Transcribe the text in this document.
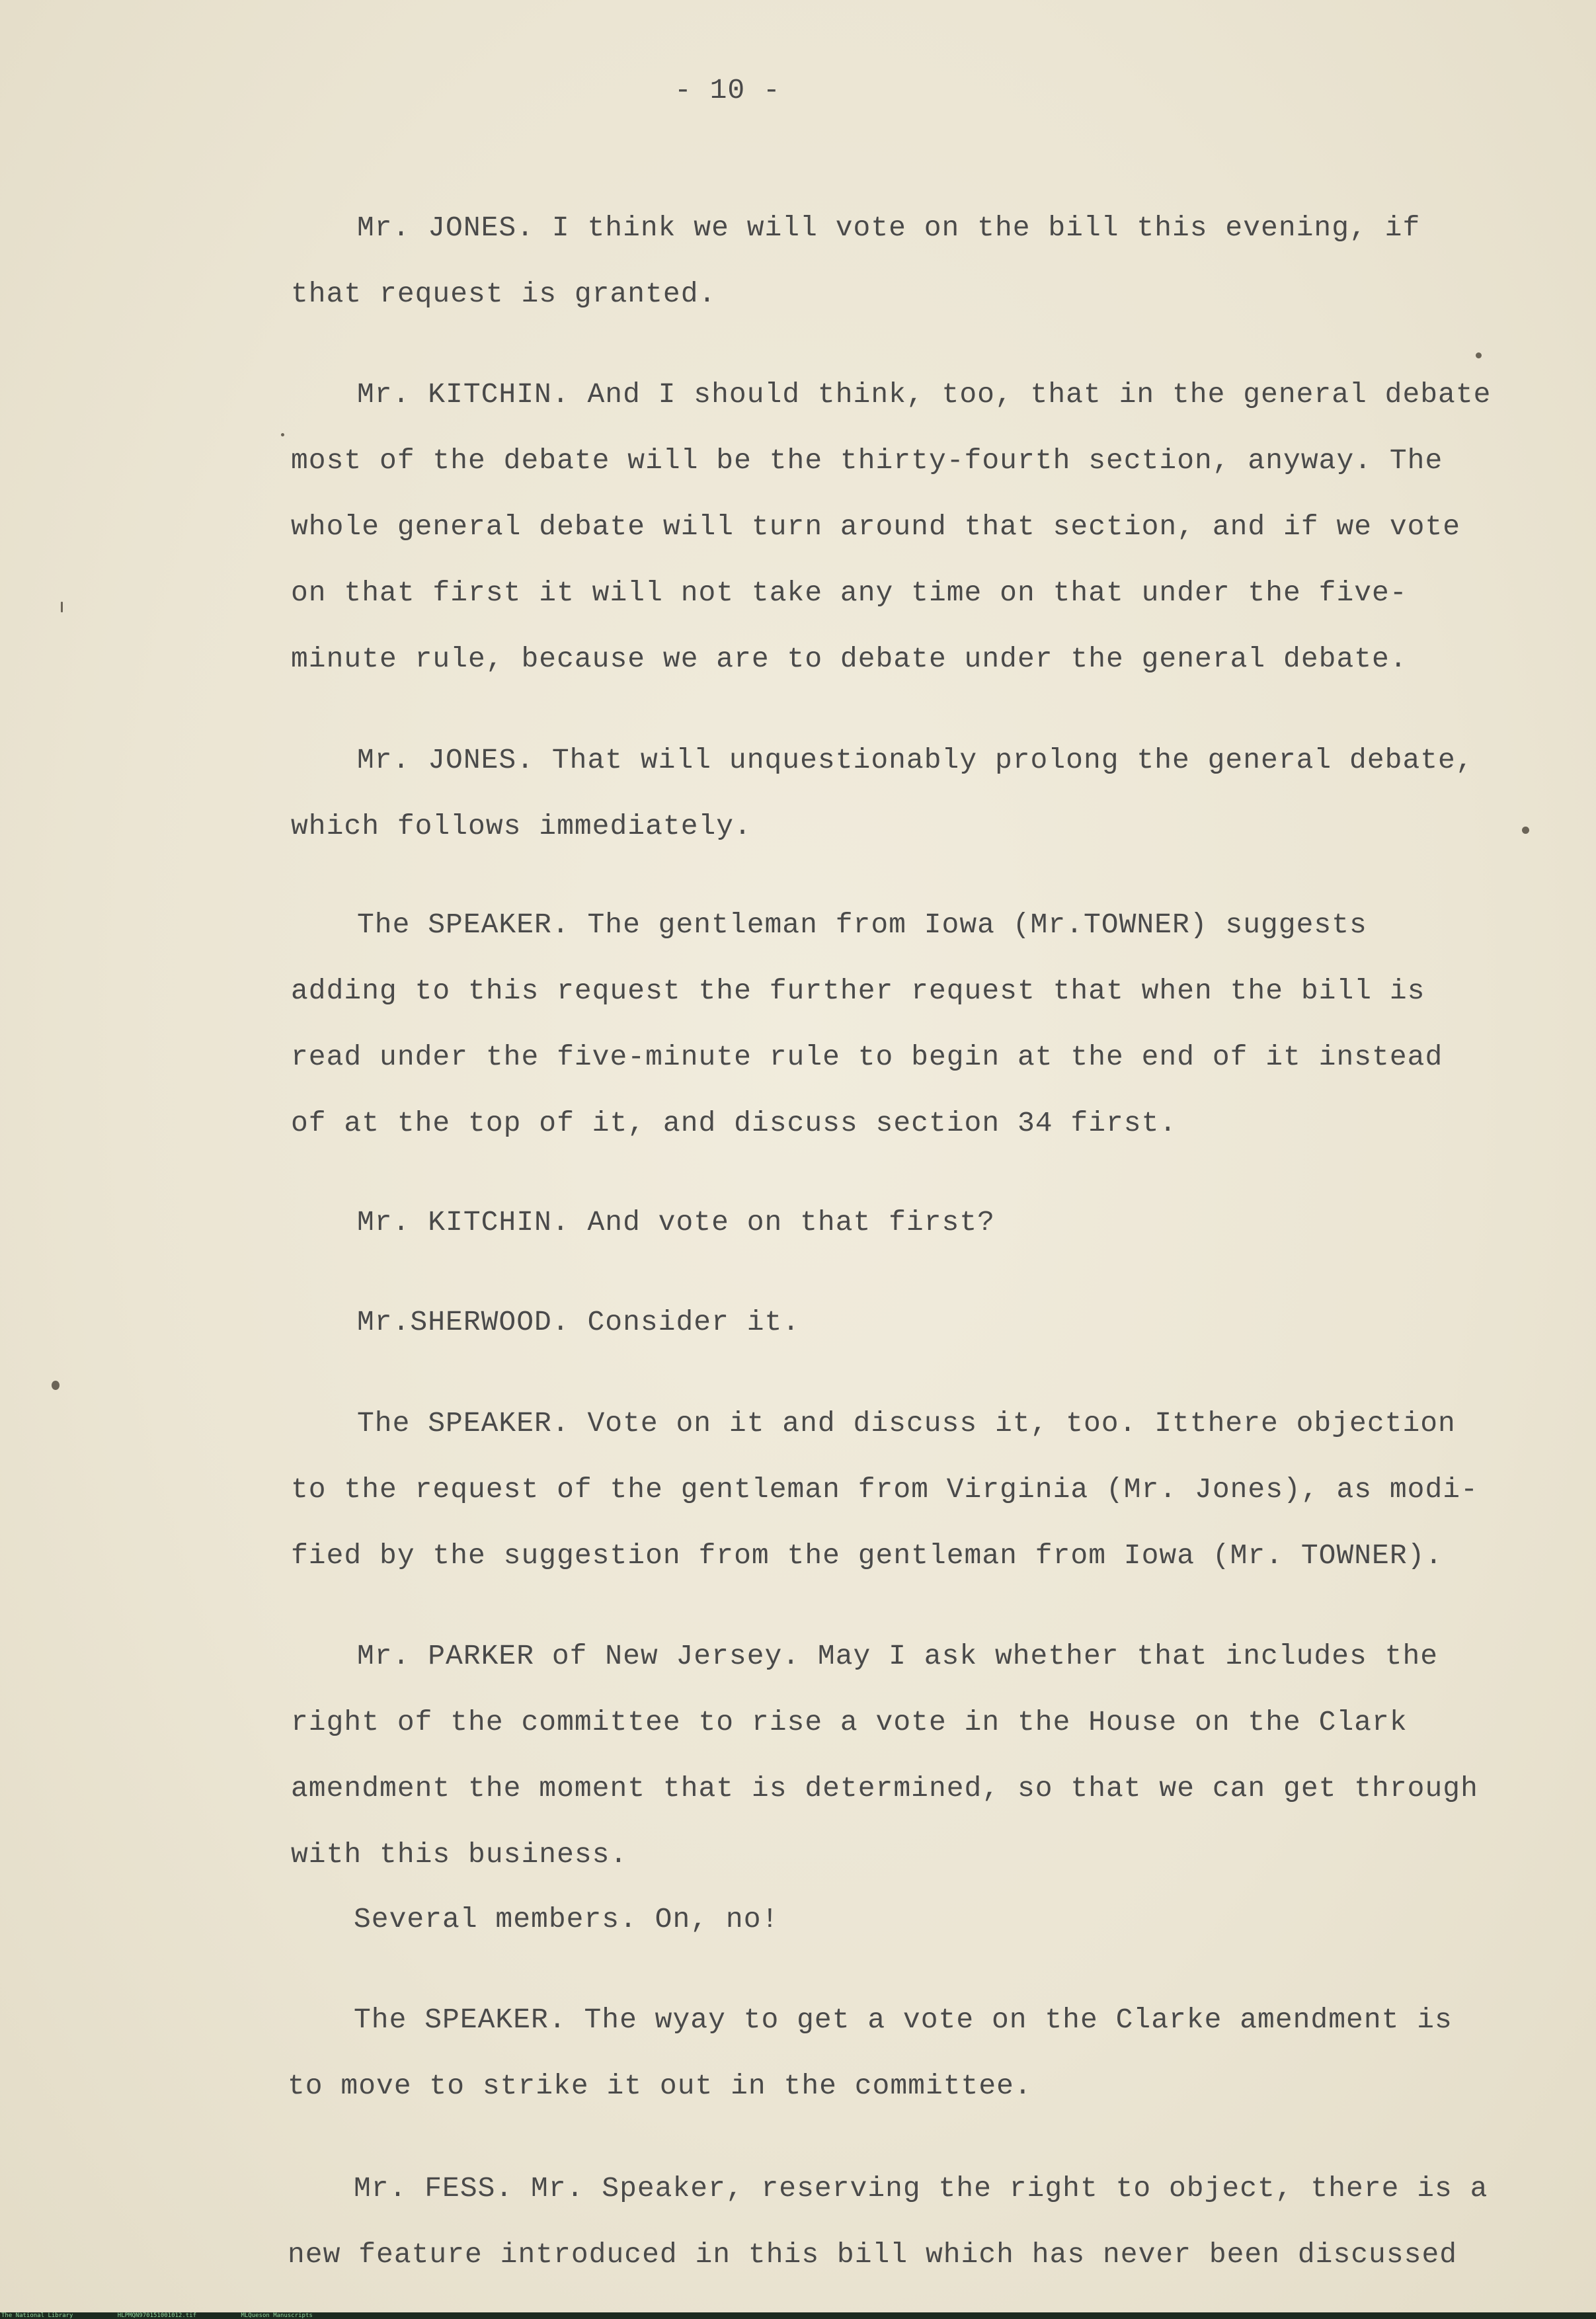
- 10 -
Mr. JONES. I think we will vote on the bill this evening, if
that request is granted.
Mr. KITCHIN. And I should think, too, that in the general debate
most of the debate will be the thirty-fourth section, anyway. The
whole general debate will turn around that section, and if we vote
on that first it will not take any time on that under the five-
minute rule, because we are to debate under the general debate.
Mr. JONES. That will unquestionably prolong the general debate,
which follows immediately.
The SPEAKER. The gentleman from Iowa (Mr.TOWNER) suggests
adding to this request the further request that when the bill is
read under the five-minute rule to begin at the end of it instead
of at the top of it, and discuss section 34 first.
Mr. KITCHIN. And vote on that first?
Mr.SHERWOOD. Consider it.
The SPEAKER. Vote on it and discuss it, too. Itthere objection
to the request of the gentleman from Virginia (Mr. Jones), as modi-
fied by the suggestion from the gentleman from Iowa (Mr. TOWNER).
Mr. PARKER of New Jersey. May I ask whether that includes the
right of the committee to rise a vote in the House on the Clark
amendment the moment that is determined, so that we can get through
with this business.
Several members. On, no!
The SPEAKER. The wyay to get a vote on the Clarke amendment is
to move to strike it out in the committee.
Mr. FESS. Mr. Speaker, reserving the right to object, there is a
new feature introduced in this bill which has never been discussed
The National Library	HLPMQN970151001012.tif	MLQueson Manuscripts
